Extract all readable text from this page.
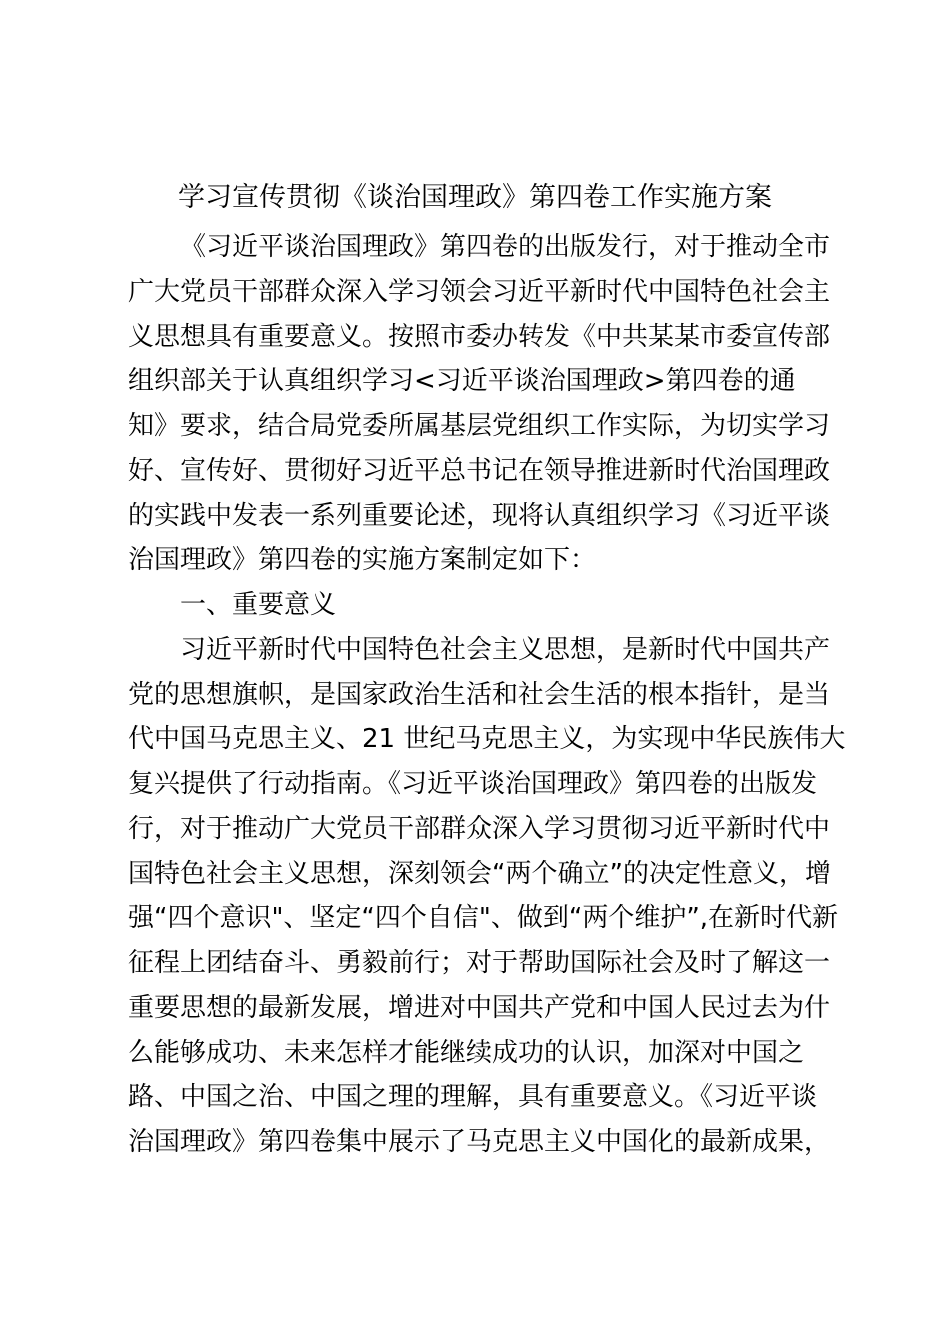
学习宣传贯彻《谈治国理政》第四卷工作实施方案
《习近平谈治国理政》第四卷的出版发行，对于推动全市
广大党员干部群众深入学习领会习近平新时代中国特色社会主
义思想具有重要意义。按照市委办转发《中共某某市委宣传部
组织部关于认真组织学习<习近平谈治国理政>第四卷的通
知》要求，结合局党委所属基层党组织工作实际，为切实学习
好、宣传好、贯彻好习近平总书记在领导推进新时代治国理政
的实践中发表一系列重要论述，现将认真组织学习《习近平谈
治国理政》第四卷的实施方案制定如下：
一、重要意义
习近平新时代中国特色社会主义思想，是新时代中国共产
党的思想旗帜，是国家政治生活和社会生活的根本指针，是当
代中国马克思主义、21 世纪马克思主义，为实现中华民族伟大
复兴提供了行动指南。《习近平谈治国理政》第四卷的出版发
行，对于推动广大党员干部群众深入学习贯彻习近平新时代中
国特色社会主义思想，深刻领会“两个确立”的决定性意义，增
强“四个意识"、坚定“四个自信"、做到“两个维护”,在新时代新
征程上团结奋斗、勇毅前行；对于帮助国际社会及时了解这一
重要思想的最新发展，增进对中国共产党和中国人民过去为什
么能够成功、未来怎样才能继续成功的认识，加深对中国之
路、中国之治、中国之理的理解，具有重要意义。《习近平谈
治国理政》第四卷集中展示了马克思主义中国化的最新成果，
